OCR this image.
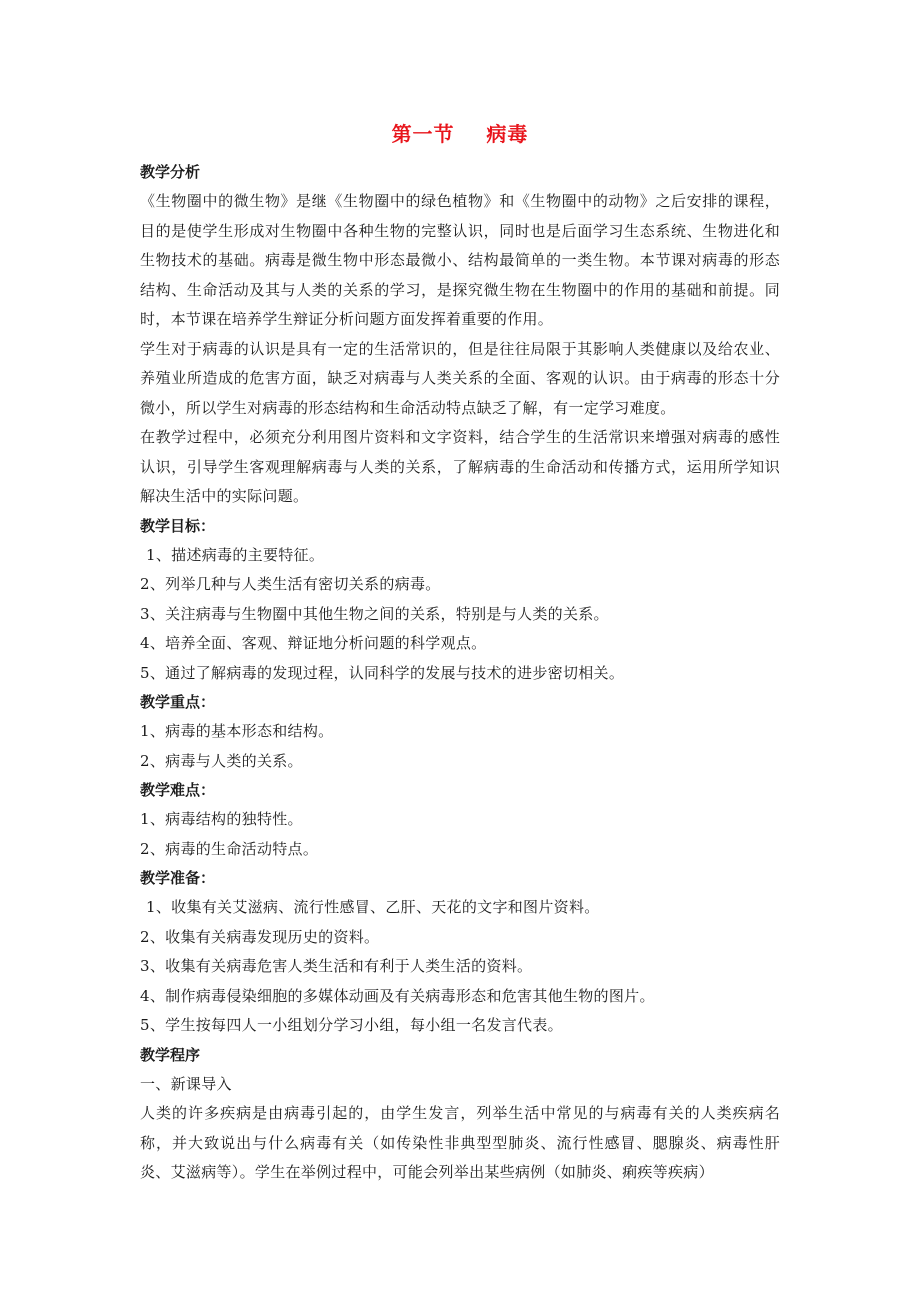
第一节    病毒
教学分析

《生物圈中的微生物》是继《生物圈中的绿色植物》和《生物圈中的动物》之后安排的课程，目的是使学生形成对生物圈中各种生物的完整认识，同时也是后面学习生态系统、生物进化和生物技术的基础。病毒是微生物中形态最微小、结构最简单的一类生物。本节课对病毒的形态结构、生命活动及其与人类的关系的学习，是探究微生物在生物圈中的作用的基础和前提。同时，本节课在培养学生辩证分析问题方面发挥着重要的作用。

学生对于病毒的认识是具有一定的生活常识的，但是往往局限于其影响人类健康以及给农业、养殖业所造成的危害方面，缺乏对病毒与人类关系的全面、客观的认识。由于病毒的形态十分微小，所以学生对病毒的形态结构和生命活动特点缺乏了解，有一定学习难度。

在教学过程中，必须充分利用图片资料和文字资料，结合学生的生活常识来增强对病毒的感性认识，引导学生客观理解病毒与人类的关系，了解病毒的生命活动和传播方式，运用所学知识解决生活中的实际问题。

教学目标：

1、描述病毒的主要特征。

2、列举几种与人类生活有密切关系的病毒。

3、关注病毒与生物圈中其他生物之间的关系，特别是与人类的关系。

4、培养全面、客观、辩证地分析问题的科学观点。

5、通过了解病毒的发现过程，认同科学的发展与技术的进步密切相关。

教学重点：

1、病毒的基本形态和结构。

2、病毒与人类的关系。

教学难点：

1、病毒结构的独特性。

2、病毒的生命活动特点。

教学准备：

1、收集有关艾滋病、流行性感冒、乙肝、天花的文字和图片资料。

2、收集有关病毒发现历史的资料。

3、收集有关病毒危害人类生活和有利于人类生活的资料。

4、制作病毒侵染细胞的多媒体动画及有关病毒形态和危害其他生物的图片。

5、学生按每四人一小组划分学习小组，每小组一名发言代表。

教学程序

一、新课导入

人类的许多疾病是由病毒引起的，由学生发言，列举生活中常见的与病毒有关的人类疾病名称，并大致说出与什么病毒有关（如传染性非典型型肺炎、流行性感冒、腮腺炎、病毒性肝炎、艾滋病等）。学生在举例过程中，可能会列举出某些病例（如肺炎、痢疾等疾病）
